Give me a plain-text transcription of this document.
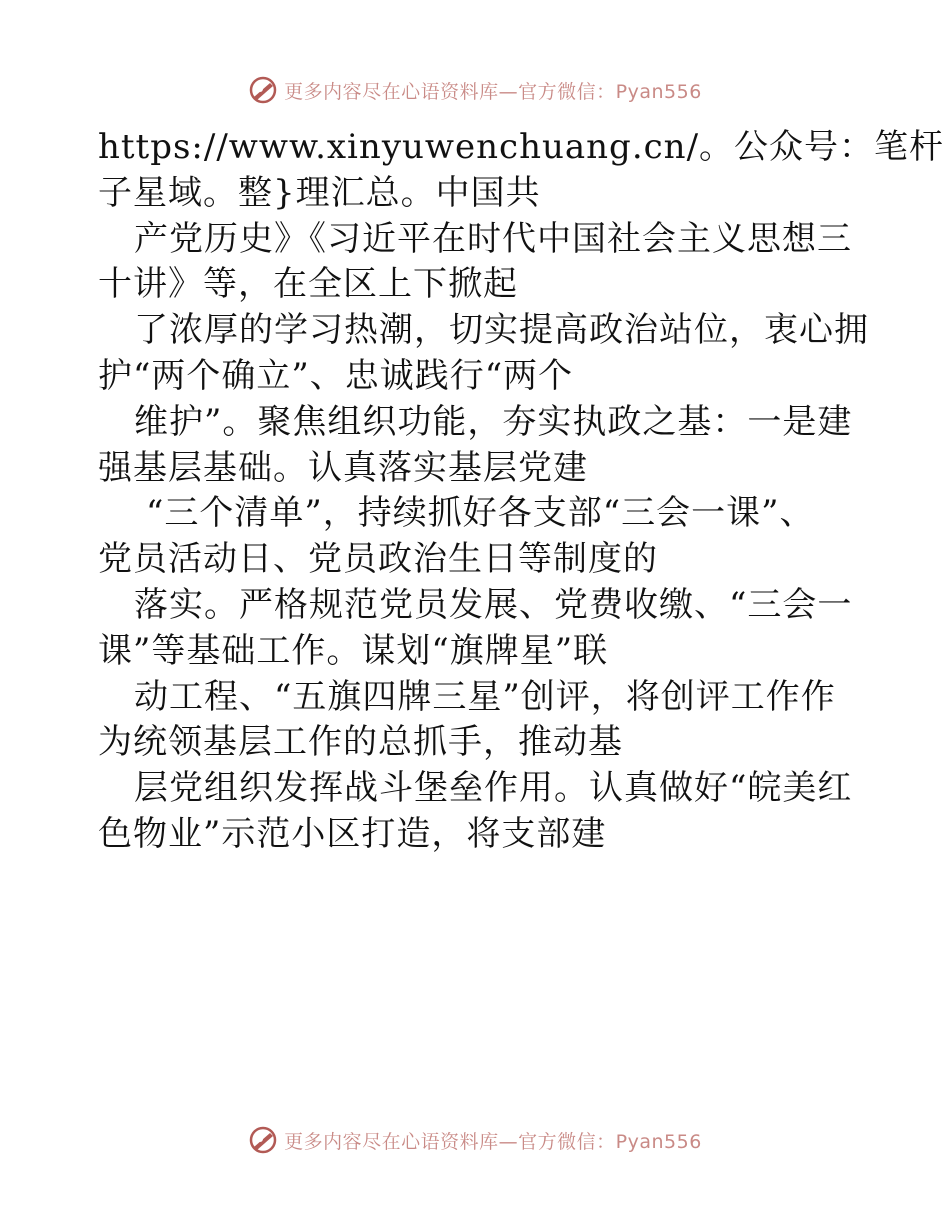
更多内容尽在心语资料库—官方微信：Pyan556
https://www.xinyuwenchuang.cn/。公众号：笔杆
子星域。整}理汇总。中国共
产党历史》《习近平在时代中国社会主义思想三
十讲》等，在全区上下掀起
了浓厚的学习热潮，切实提高政治站位，衷心拥
护“两个确立”、忠诚践行“两个
维护”。聚焦组织功能，夯实执政之基：一是建
强基层基础。认真落实基层党建
“三个清单”，持续抓好各支部“三会一课”、
党员活动日、党员政治生日等制度的
落实。严格规范党员发展、党费收缴、“三会一
课”等基础工作。谋划“旗牌星”联
动工程、“五旗四牌三星”创评，将创评工作作
为统领基层工作的总抓手，推动基
层党组织发挥战斗堡垒作用。认真做好“皖美红
色物业”示范小区打造，将支部建
更多内容尽在心语资料库—官方微信：Pyan556
